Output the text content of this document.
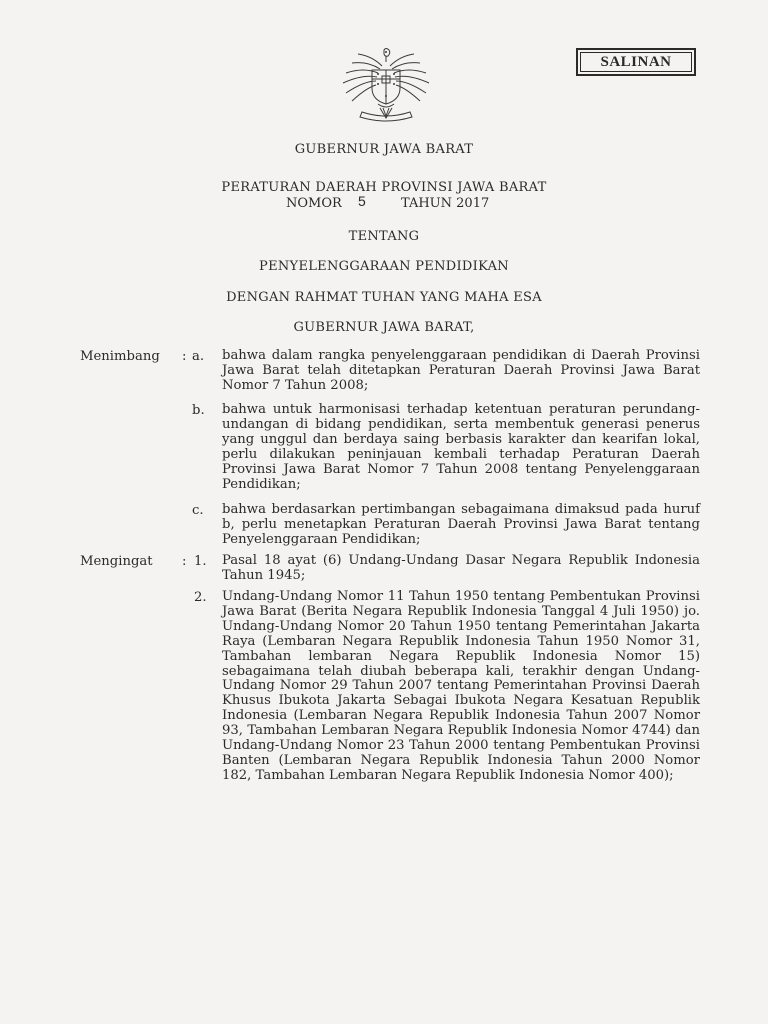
SALINAN
GUBERNUR JAWA BARAT
PERATURAN DAERAH PROVINSI JAWA BARAT
NOMOR 5	TAHUN 2017
TENTANG
PENYELENGGARAAN PENDIDIKAN
DENGAN RAHMAT TUHAN YANG MAHA ESA
GUBERNUR JAWA BARAT,
Menimbang : a. bahwa dalam rangka penyelenggaraan pendidikan di Daerah Provinsi Jawa Barat telah ditetapkan Peraturan Daerah Provinsi Jawa Barat Nomor 7 Tahun 2008;

b. bahwa untuk harmonisasi terhadap ketentuan peraturan perundang-undangan di bidang pendidikan, serta membentuk generasi penerus yang unggul dan berdaya saing berbasis karakter dan kearifan lokal, perlu dilakukan peninjauan kembali terhadap Peraturan Daerah Provinsi Jawa Barat Nomor 7 Tahun 2008 tentang Penyelenggaraan Pendidikan;

c. bahwa berdasarkan pertimbangan sebagaimana dimaksud pada huruf b, perlu menetapkan Peraturan Daerah Provinsi Jawa Barat tentang Penyelenggaraan Pendidikan;

Mengingat : 1. Pasal 18 ayat (6) Undang-Undang Dasar Negara Republik Indonesia Tahun 1945;

2. Undang-Undang Nomor 11 Tahun 1950 tentang Pembentukan Provinsi Jawa Barat (Berita Negara Republik Indonesia Tanggal 4 Juli 1950) jo. Undang-Undang Nomor 20 Tahun 1950 tentang Pemerintahan Jakarta Raya (Lembaran Negara Republik Indonesia Tahun 1950 Nomor 31, Tambahan lembaran Negara Republik Indonesia Nomor 15) sebagaimana telah diubah beberapa kali, terakhir dengan Undang-Undang Nomor 29 Tahun 2007 tentang Pemerintahan Provinsi Daerah Khusus Ibukota Jakarta Sebagai Ibukota Negara Kesatuan Republik Indonesia (Lembaran Negara Republik Indonesia Tahun 2007 Nomor 93, Tambahan Lembaran Negara Republik Indonesia Nomor 4744) dan Undang-Undang Nomor 23 Tahun 2000 tentang Pembentukan Provinsi Banten (Lembaran Negara Republik Indonesia Tahun 2000 Nomor 182, Tambahan Lembaran Negara Republik Indonesia Nomor 400);
